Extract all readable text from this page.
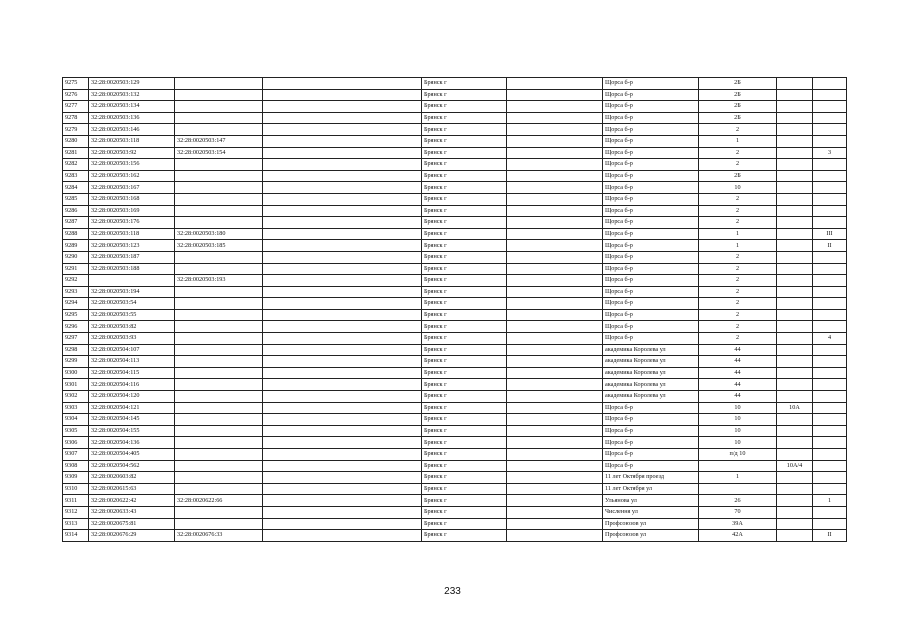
9275	32:28:0020503:129			Брянск г		Щорса б-р	2Б		
9276	32:28:0020503:132			Брянск г		Щорса б-р	2Б		
9277	32:28:0020503:134			Брянск г		Щорса б-р	2Б		
9278	32:28:0020503:136			Брянск г		Щорса б-р	2Б		
9279	32:28:0020503:146			Брянск г		Щорса б-р	2		
9280	32:28:0020503:118	32:28:0020503:147		Брянск г		Щорса б-р	1		
9281	32:28:0020503:92	32:28:0020503:154		Брянск г		Щорса б-р	2		3
9282	32:28:0020503:156			Брянск г		Щорса б-р	2		
9283	32:28:0020503:162			Брянск г		Щорса б-р	2Б		
9284	32:28:0020503:167			Брянск г		Щорса б-р	10		
9285	32:28:0020503:168			Брянск г		Щорса б-р	2		
9286	32:28:0020503:169			Брянск г		Щорса б-р	2		
9287	32:28:0020503:176			Брянск г		Щорса б-р	2		
9288	32:28:0020503:118	32:28:0020503:180		Брянск г		Щорса б-р	1		III
9289	32:28:0020503:123	32:28:0020503:185		Брянск г		Щорса б-р	1		II
9290	32:28:0020503:187			Брянск г		Щорса б-р	2		
9291	32:28:0020503:188			Брянск г		Щорса б-р	2		
9292		32:28:0020503:193		Брянск г		Щорса б-р	2		
9293	32:28:0020503:194			Брянск г		Щорса б-р	2		
9294	32:28:0020503:54			Брянск г		Щорса б-р	2		
9295	32:28:0020503:55			Брянск г		Щорса б-р	2		
9296	32:28:0020503:82			Брянск г		Щорса б-р	2		
9297	32:28:0020503:93			Брянск г		Щорса б-р	2		4
9298	32:28:0020504:107			Брянск г		академика Королева ул	44		
9299	32:28:0020504:113			Брянск г		академика Королева ул	44		
9300	32:28:0020504:115			Брянск г		академика Королева ул	44		
9301	32:28:0020504:116			Брянск г		академика Королева ул	44		
9302	32:28:0020504:120			Брянск г		академика Королева ул	44		
9303	32:28:0020504:121			Брянск г		Щорса б-р	10	10А	
9304	32:28:0020504:145			Брянск г		Щорса б-р	10		
9305	32:28:0020504:155			Брянск г		Щорса б-р	10		
9306	32:28:0020504:136			Брянск г		Щорса б-р	10		
9307	32:28:0020504:405			Брянск г		Щорса б-р	п/д 10		
9308	32:28:0020504:562			Брянск г		Щорса б-р		10А/4	
9309	32:28:0020603:82			Брянск г		11 лет Октября проезд	1		
9310	32:28:0020615:63			Брянск г		11 лет Октября ул			
9311	32:28:0020622:42	32:28:0020622:66		Брянск г		Ульянова ул	26		1
9312	32:28:0020633:43			Брянск г		Числення ул	70		
9313	32:28:0020675:81			Брянск г		Профсоюзов ул	39А		
9314	32:28:0020676:29	32:28:0020676:33		Брянск г		Профсоюзов ул	42А		II
233
